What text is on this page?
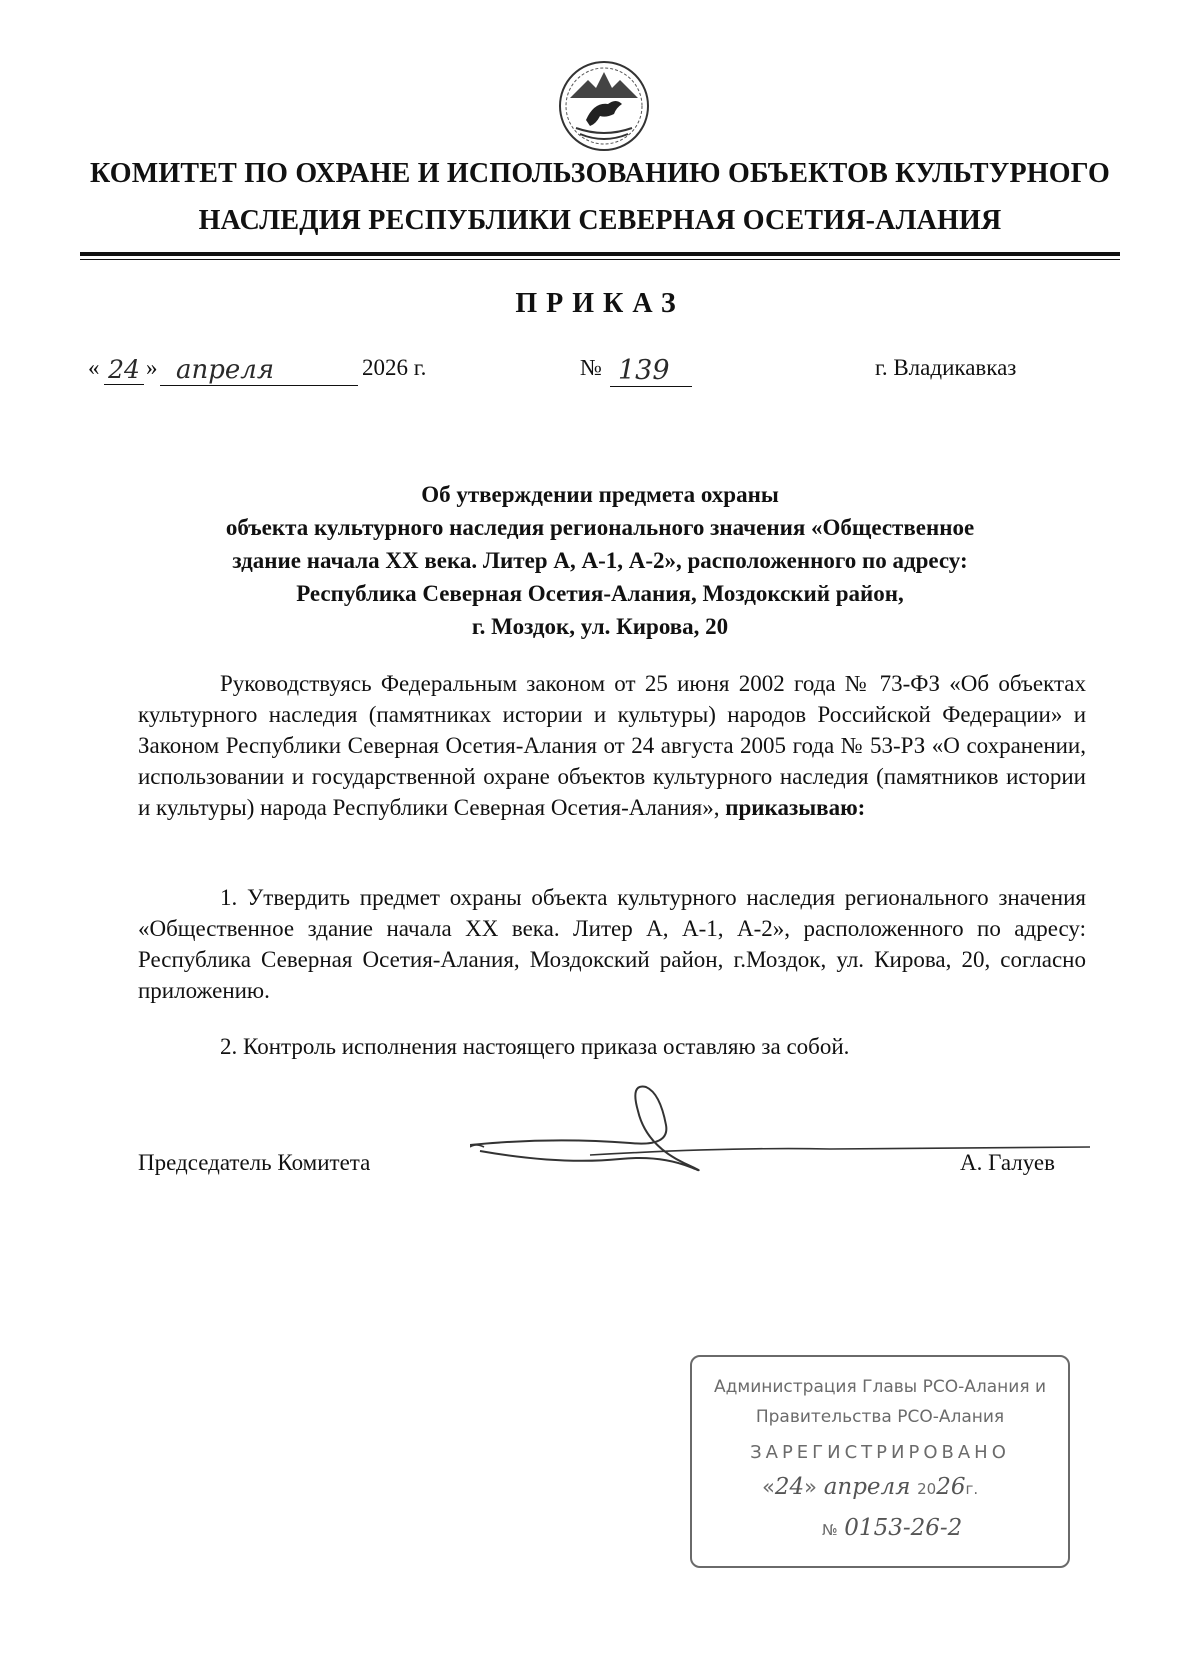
КОМИТЕТ ПО ОХРАНЕ И ИСПОЛЬЗОВАНИЮ ОБЪЕКТОВ КУЛЬТУРНОГО
НАСЛЕДИЯ РЕСПУБЛИКИ СЕВЕРНАЯ ОСЕТИЯ-АЛАНИЯ
ПРИКАЗ
« 24 » апреля	2026 г.	№ 139	г. Владикавказ
Об утверждении предмета охраны
объекта культурного наследия регионального значения «Общественное
здание начала XX века. Литер А, А-1, А-2», расположенного по адресу:
Республика Северная Осетия-Алания, Моздокский район,
г. Моздок, ул. Кирова, 20
Руководствуясь Федеральным законом от 25 июня 2002 года № 73-ФЗ «Об объектах культурного наследия (памятниках истории и культуры) народов Российской Федерации» и Законом Республики Северная Осетия-Алания от 24 августа 2005 года № 53-РЗ «О сохранении, использовании и государственной охране объектов культурного наследия (памятников истории и культуры) народа Республики Северная Осетия-Алания», приказываю:
1. Утвердить предмет охраны объекта культурного наследия регионального значения «Общественное здание начала XX века. Литер А, А-1, А-2», расположенного по адресу: Республика Северная Осетия-Алания, Моздокский район, г.Моздок, ул. Кирова, 20, согласно приложению.
2. Контроль исполнения настоящего приказа оставляю за собой.
Председатель Комитета	А. Галуев
Администрация Главы РСО-Алания и
Правительства РСО-Алания
ЗАРЕГИСТРИРОВАНО
«24» апреля 2026г.
№ 0153-26-2
